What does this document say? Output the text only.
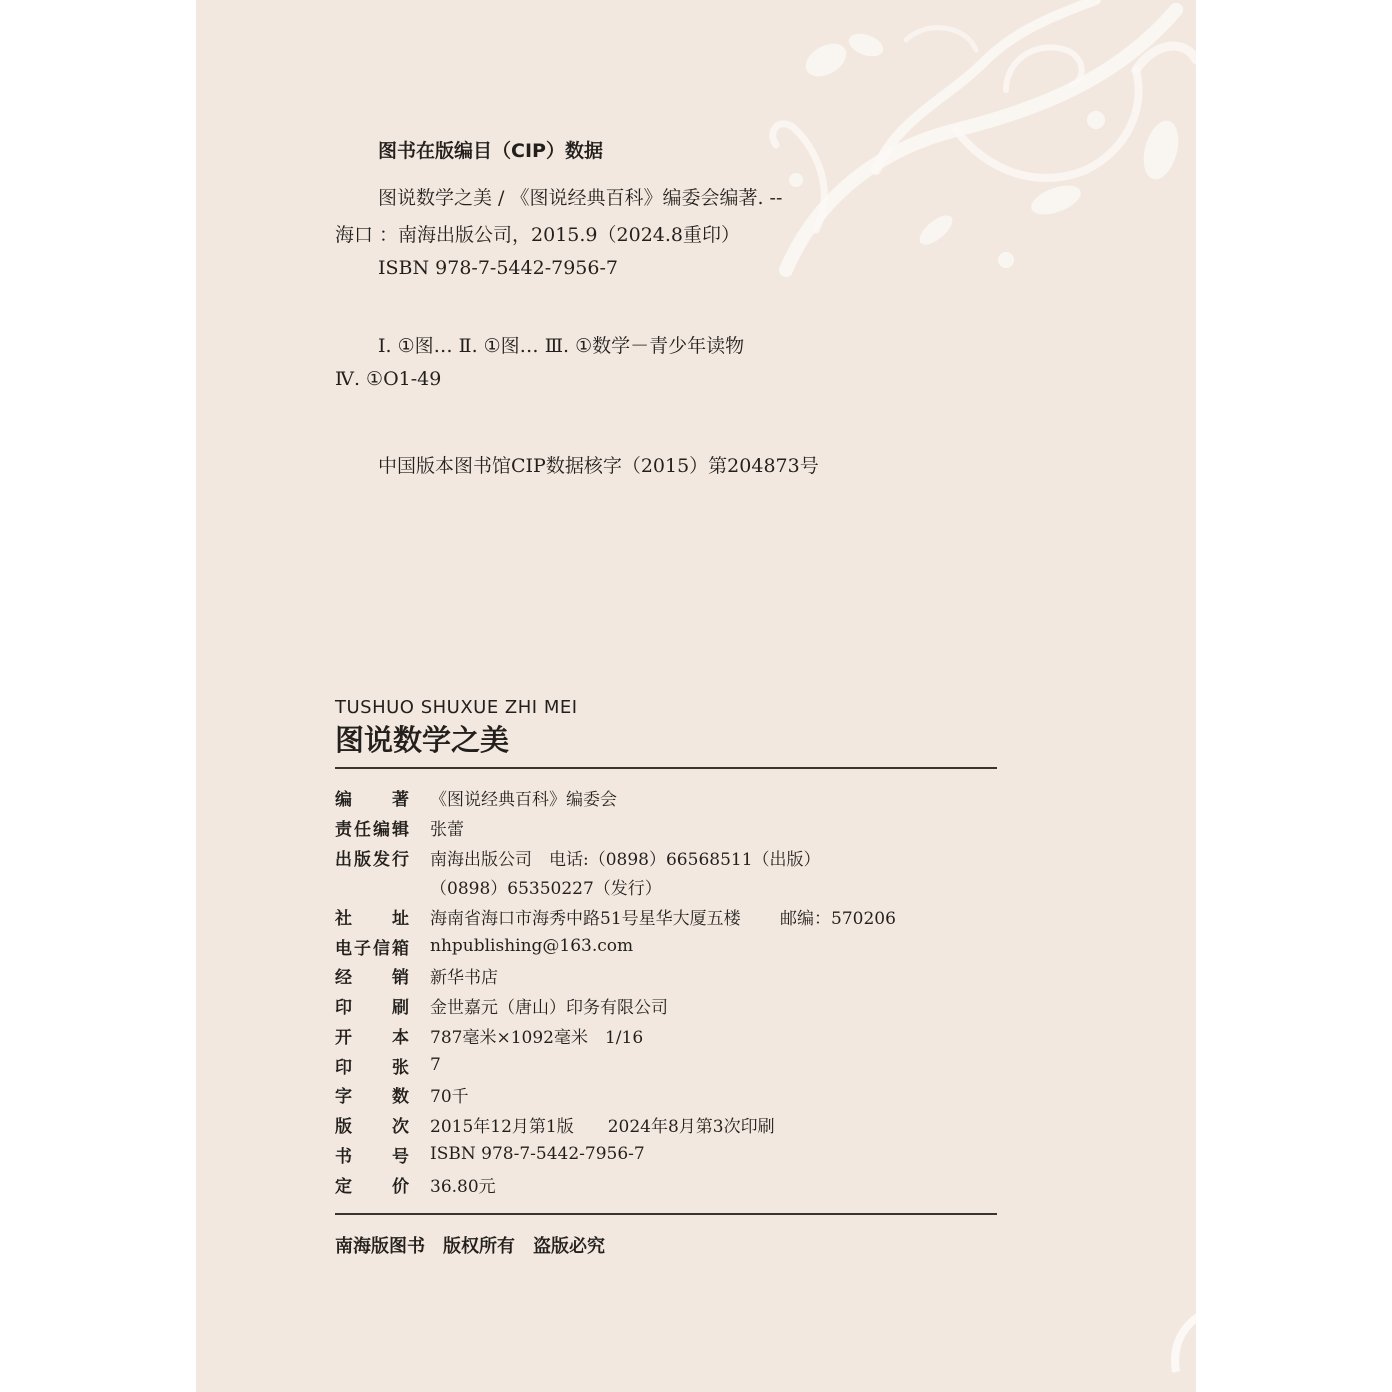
图书在版编目（CIP）数据
图说数学之美 / 《图说经典百科》编委会编著. --
海口 ：南海出版公司，2015.9（2024.8重印）
ISBN 978-7-5442-7956-7
Ⅰ. ①图… Ⅱ. ①图… Ⅲ. ①数学－青少年读物
Ⅳ. ①O1-49
中国版本图书馆CIP数据核字（2015）第204873号
TUSHUO SHUXUE ZHI MEI
图说数学之美
编　著 《图说经典百科》编委会
责任编辑 张蕾
出版发行 南海出版公司　电话:（0898）66568511（出版）
（0898）65350227（发行）
社　址 海南省海口市海秀中路51号星华大厦五楼　　 邮编：570206
电子信箱 nhpublishing@163.com
经　销 新华书店
印　刷 金世嘉元（唐山）印务有限公司
开　本 787毫米×1092毫米　1/16
印　张 7
字　数 70千
版　次 2015年12月第1版　　2024年8月第3次印刷
书　号 ISBN 978-7-5442-7956-7
定　价 36.80元
南海版图书　版权所有　盗版必究
